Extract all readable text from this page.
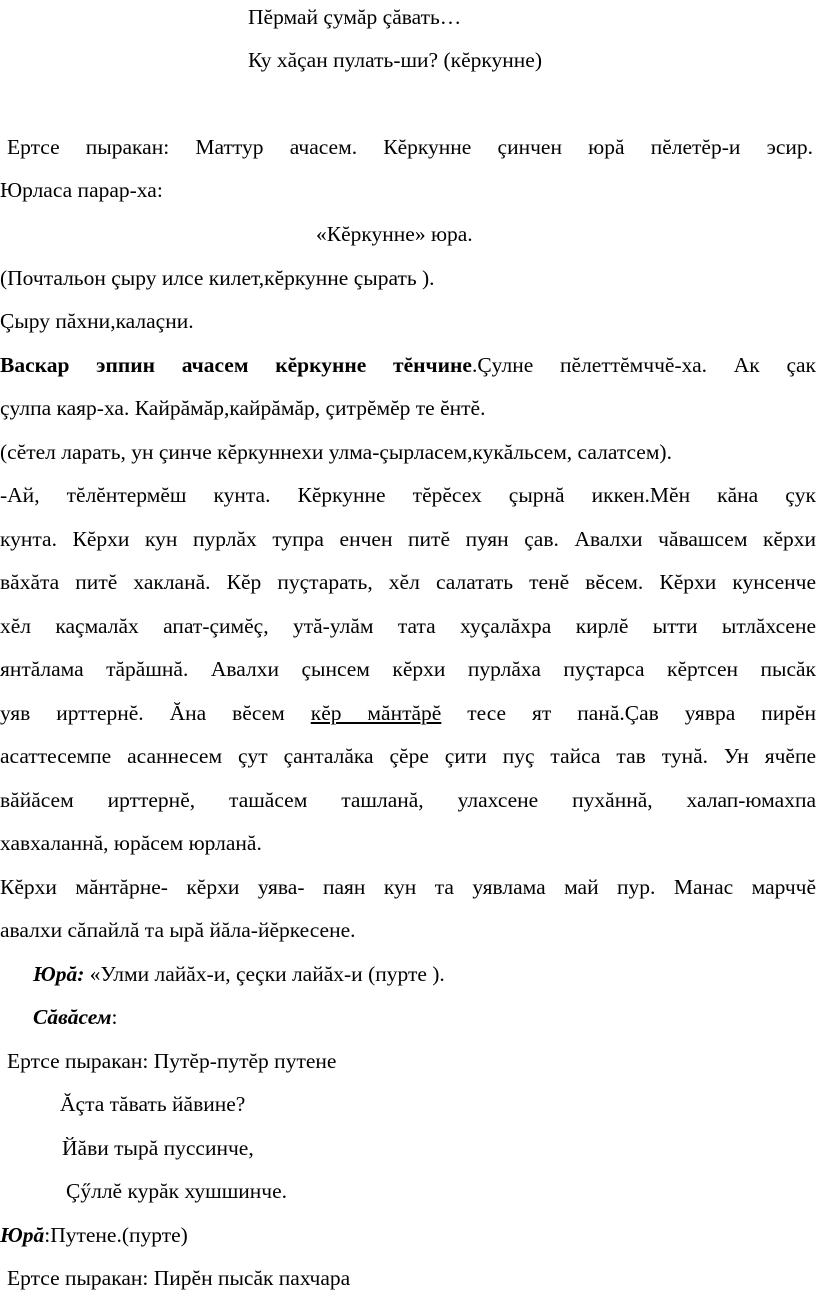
Пĕрмай çумăр çăвать…
Ку хăçан пулать-ши? (кĕркунне)
Ертсе пыракан: Маттур ачасем. Кĕркунне çинчен юрă пĕлетĕр-и эсир.
Юрласа парар-ха:
«Кĕркунне» юра.
(Почтальон çыру илсе килет,кĕркунне çырать ).
Çыру пăхни,калаçни.
Васкар эппин ачасем кĕркунне тĕнчине.Çулне пĕлеттĕмччĕ-ха. Ак çак
çулпа каяр-ха. Кайрăмăр,кайрăмăр, çитрĕмĕр те ĕнтĕ.
(сĕтел ларать, ун çинче кĕркуннехи улма-çырласем,кукăльсем, салатсем).
-Ай, тĕлĕнтермĕш кунта. Кĕркунне тĕрĕсех çырнă иккен.Мĕн кăна çук
кунта. Кĕрхи кун пурлăх тупра енчен питĕ пуян çав. Авалхи чăвашсем кĕрхи
вăхăта питĕ хакланă. Кĕр пуçтарать, хĕл салатать тенĕ вĕсем. Кĕрхи кунсенче
хĕл каçмалăх апат-çимĕç, утă-улăм тата хуçалăхра кирлĕ ытти ытлăхсене
янтăлама тăрăшнă. Авалхи çынсем кĕрхи пурлăха пуçтарса кĕртсен пысăк
уяв ирттернĕ. Ăна вĕсем кĕр мăнтăрĕ тесе ят панă.Çав уявра пирĕн
асаттесемпе асаннесем çут çанталăка çĕре çити пуç тайса тав тунă. Ун ячĕпе
вăйăсем ирттернĕ, ташăсем ташланă, улахсене пухăннă, халап-юмахпа
хавхаланнă, юрăсем юрланă.
Кĕрхи мăнтăрне- кĕрхи уява- паян кун та уявлама май пур. Манас марччĕ
авалхи сăпайлă та ырă йăла-йĕркесене.
Юрă: «Улми лайăх-и, çеçки лайăх-и (пурте ).
Сăвăсем:
Ертсе пыракан: Путĕр-путĕр путене
Ăçта тăвать йăвине?
Йăви тырă пуссинче,
Çӳллĕ курăк хушшинче.
Юрă:Путене.(пурте)
Ертсе пыракан: Пирĕн пысăк пахчара
